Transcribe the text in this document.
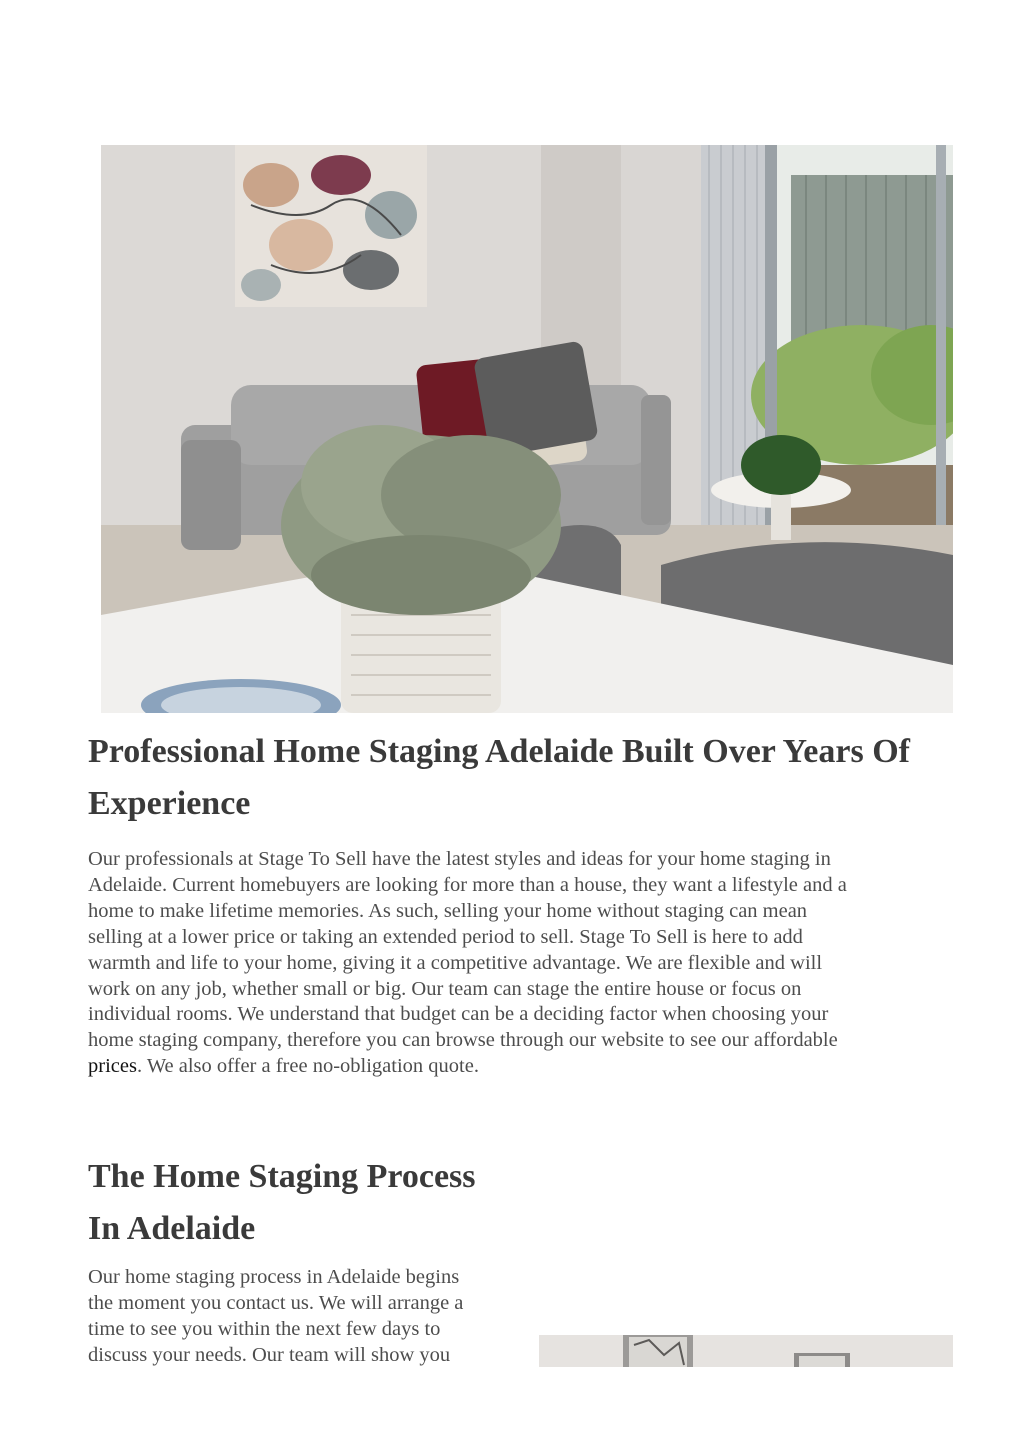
Professional Home Staging Adelaide Built Over Years Of
Experience

Our professionals at Stage To Sell have the latest styles and ideas for your home staging in
Adelaide. Current homebuyers are looking for more than a house, they want a lifestyle and a
home to make lifetime memories. As such, selling your home without staging can mean
selling at a lower price or taking an extended period to sell. Stage To Sell is here to add
warmth and life to your home, giving it a competitive advantage. We are flexible and will
work on any job, whether small or big. Our team can stage the entire house or focus on
individual rooms. We understand that budget can be a deciding factor when choosing your
home staging company, therefore you can browse through our website to see our affordable
prices. We also offer a free no-obligation quote.

The Home Staging Process
In Adelaide

Our home staging process in Adelaide begins
the moment you contact us. We will arrange a
time to see you within the next few days to
discuss your needs. Our team will show you
